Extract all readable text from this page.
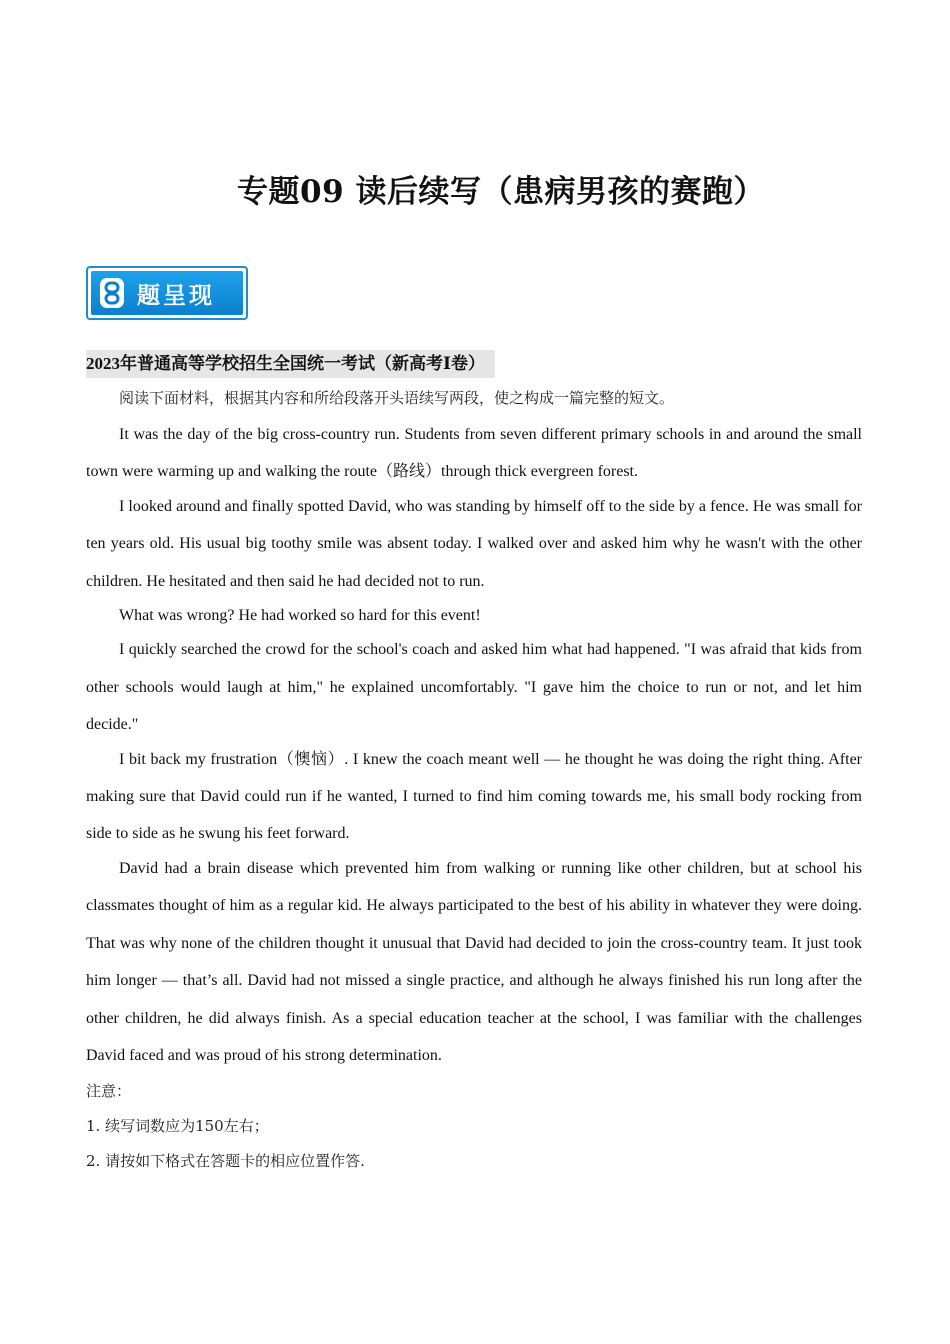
专题09 读后续写（患病男孩的赛跑）
题呈现
2023年普通高等学校招生全国统一考试（新高考Ⅰ卷）

阅读下面材料，根据其内容和所给段落开头语续写两段，使之构成一篇完整的短文。

It was the day of the big cross-country run. Students from seven different primary schools in and around the small town were warming up and walking the route（路线）through thick evergreen forest.

I looked around and finally spotted David, who was standing by himself off to the side by a fence. He was small for ten years old. His usual big toothy smile was absent today. I walked over and asked him why he wasn't with the other children. He hesitated and then said he had decided not to run.

What was wrong? He had worked so hard for this event!

I quickly searched the crowd for the school's coach and asked him what had happened. "I was afraid that kids from other schools would laugh at him," he explained uncomfortably. "I gave him the choice to run or not, and let him decide."

I bit back my frustration（懊恼）. I knew the coach meant well — he thought he was doing the right thing. After making sure that David could run if he wanted, I turned to find him coming towards me, his small body rocking from side to side as he swung his feet forward.

David had a brain disease which prevented him from walking or running like other children, but at school his classmates thought of him as a regular kid. He always participated to the best of his ability in whatever they were doing. That was why none of the children thought it unusual that David had decided to join the cross-country team. It just took him longer — that’s all. David had not missed a single practice, and although he always finished his run long after the other children, he did always finish. As a special education teacher at the school, I was familiar with the challenges David faced and was proud of his strong determination.

注意：

1. 续写词数应为150左右；

2. 请按如下格式在答题卡的相应位置作答.
